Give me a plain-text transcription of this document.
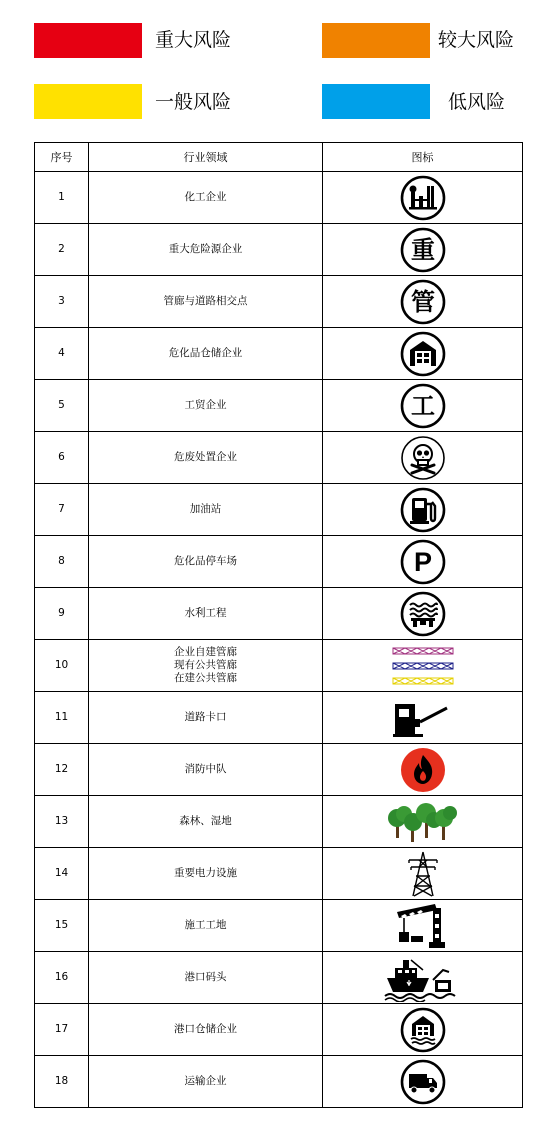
重大风险	较大风险
一般风险	低风险
序号	行业领域	图标
1	化工企业	

2	重大危险源企业	重

3	管廊与道路相交点	管

4	危化品仓储企业	

5	工贸企业	工

6	危废处置企业	

7	加油站	

8	危化品停车场	P

9	水利工程	

10	企业自建管廊
现有公共管廊
在建公共管廊

11	道路卡口	

12	消防中队	

13	森林、湿地	

14	重要电力设施	

15	施工工地	

16	港口码头	

17	港口仓储企业	

18	运输企业	
